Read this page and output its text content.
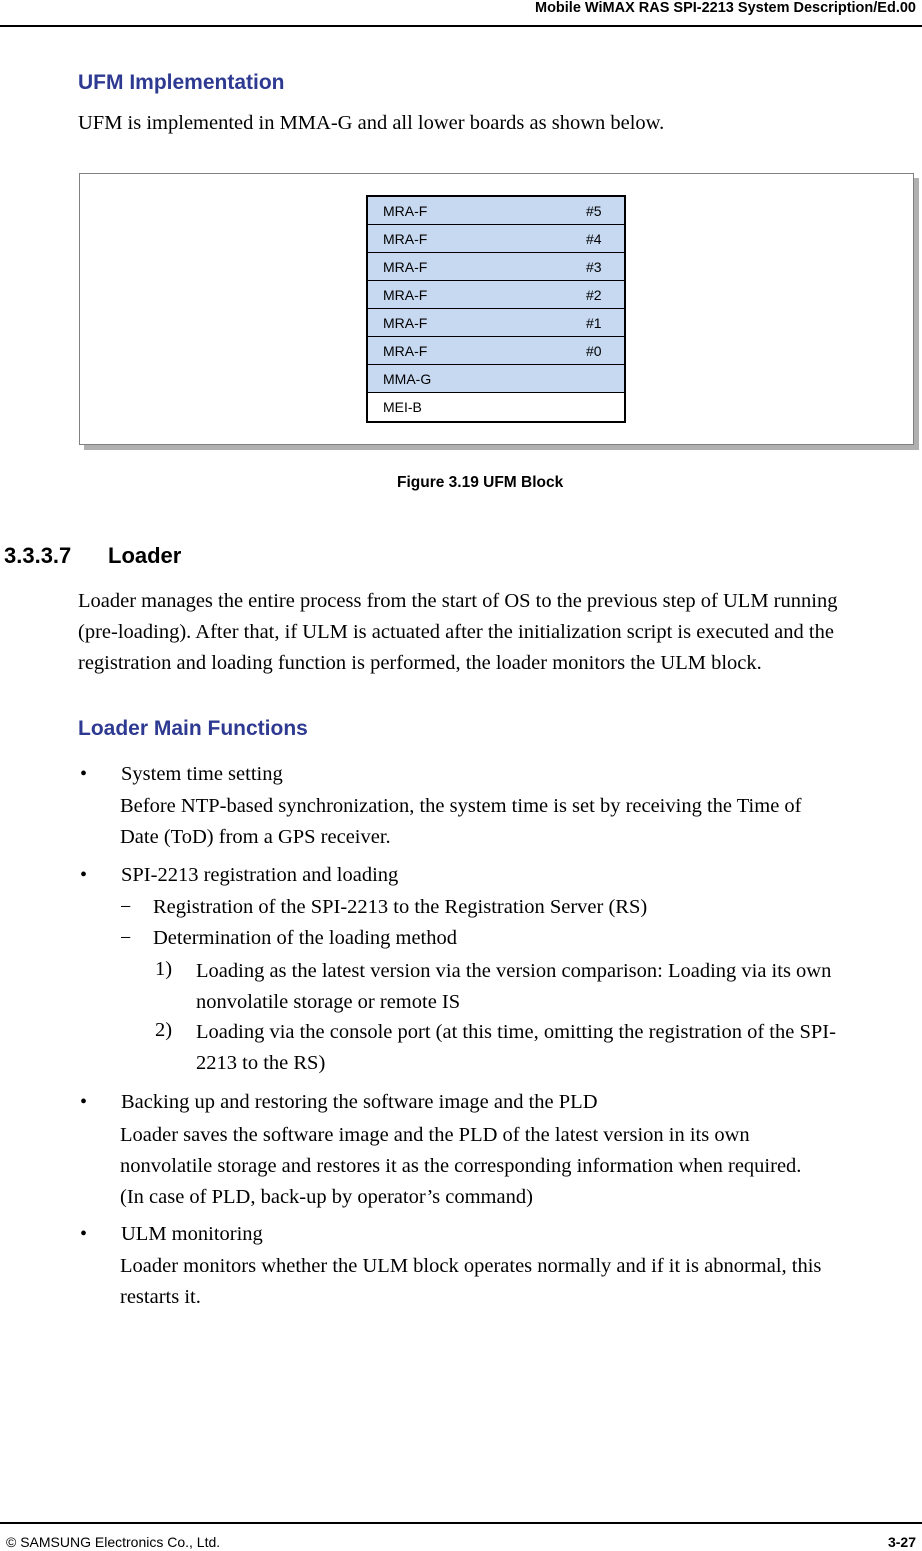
Mobile WiMAX RAS SPI-2213 System Description/Ed.00
UFM Implementation
UFM is implemented in MMA-G and all lower boards as shown below.
MRA-F	#5
MRA-F	#4
MRA-F	#3
MRA-F	#2
MRA-F	#1
MRA-F	#0
MMA-G
MEI-B
Figure 3.19 UFM Block
3.3.3.7 Loader
Loader manages the entire process from the start of OS to the previous step of ULM running
(pre-loading). After that, if ULM is actuated after the initialization script is executed and the
registration and loading function is performed, the loader monitors the ULM block.
Loader Main Functions
• System time setting
Before NTP-based synchronization, the system time is set by receiving the Time of
Date (ToD) from a GPS receiver.
• SPI-2213 registration and loading
− Registration of the SPI-2213 to the Registration Server (RS)
− Determination of the loading method
1) Loading as the latest version via the version comparison: Loading via its own
nonvolatile storage or remote IS
2) Loading via the console port (at this time, omitting the registration of the SPI-
2213 to the RS)
• Backing up and restoring the software image and the PLD
Loader saves the software image and the PLD of the latest version in its own
nonvolatile storage and restores it as the corresponding information when required.
(In case of PLD, back-up by operator’s command)
• ULM monitoring
Loader monitors whether the ULM block operates normally and if it is abnormal, this
restarts it.
© SAMSUNG Electronics Co., Ltd.	3-27
